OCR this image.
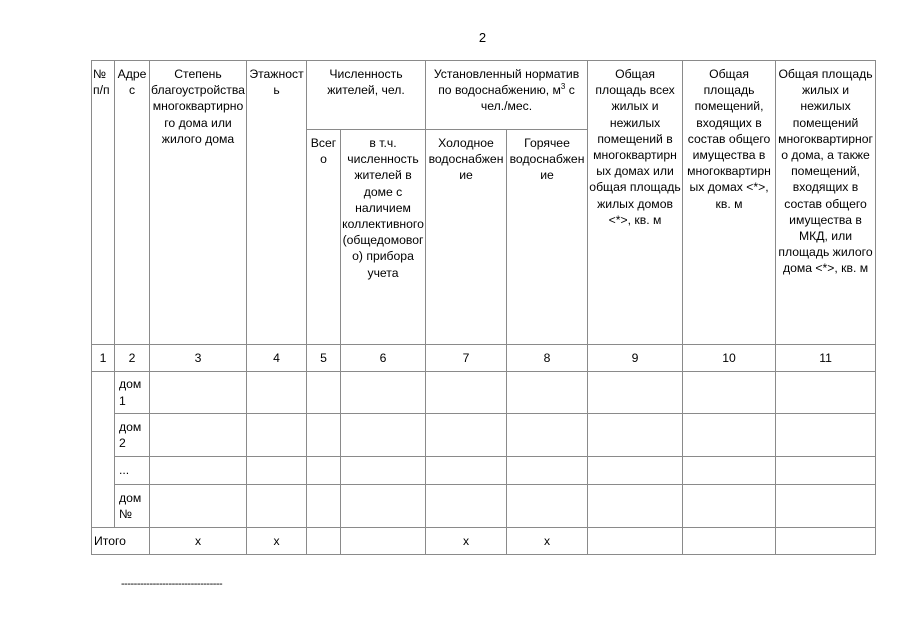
2
№ п/п	Адрес	Степень благоустройства многоквартирного дома или жилого дома	Этажность	Численность жителей, чел.		Установленный норматив по водоснабжению, $м^3$ с чел./мес.		Общая площадь всех жилых и нежилых помещений в многоквартирных домах или общая площадь жилых домов <*>, кв. м	Общая площадь помещений, входящих в состав общего имущества в многоквартирных домах <*>, кв. м	Общая площадь жилых и нежилых помещений многоквартирного дома, а также помещений, входящих в состав общего имущества в МКД, или площадь жилого дома <*>, кв. м
				Всего	в т.ч. численность жителей в доме с наличием коллективного (общедомового) прибора учета	Холодное водоснабжение	Горячее водоснабжение			
1	2	3	4	5	6	7	8	9	10	11
	дом 1									
	дом 2									
	...									
	дом №									
Итого		х	х			х	х			
--------------------------------
